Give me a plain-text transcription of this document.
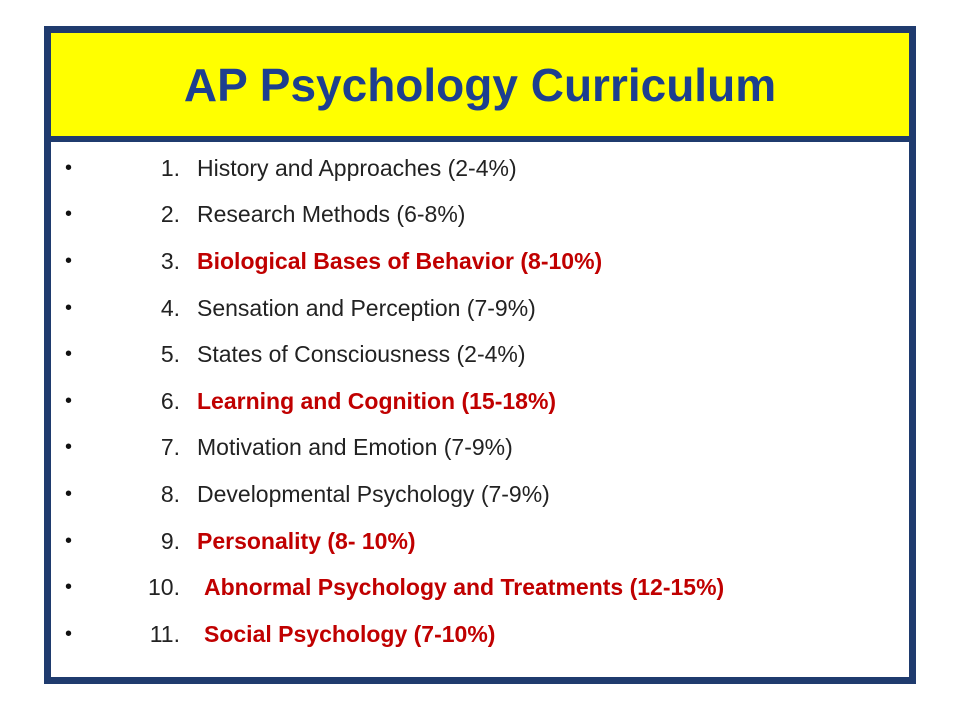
AP Psychology Curriculum
•	1. History and Approaches (2-4%)
•	2. Research Methods (6-8%)
•	3. Biological Bases of Behavior (8-10%)
•	4. Sensation and Perception (7-9%)
•	5. States of Consciousness (2-4%)
•	6. Learning and Cognition (15-18%)
•	7. Motivation and Emotion (7-9%)
•	8. Developmental Psychology (7-9%)
•	9. Personality (8- 10%)
•	10. Abnormal Psychology and Treatments (12-15%)
•	11. Social Psychology (7-10%)
